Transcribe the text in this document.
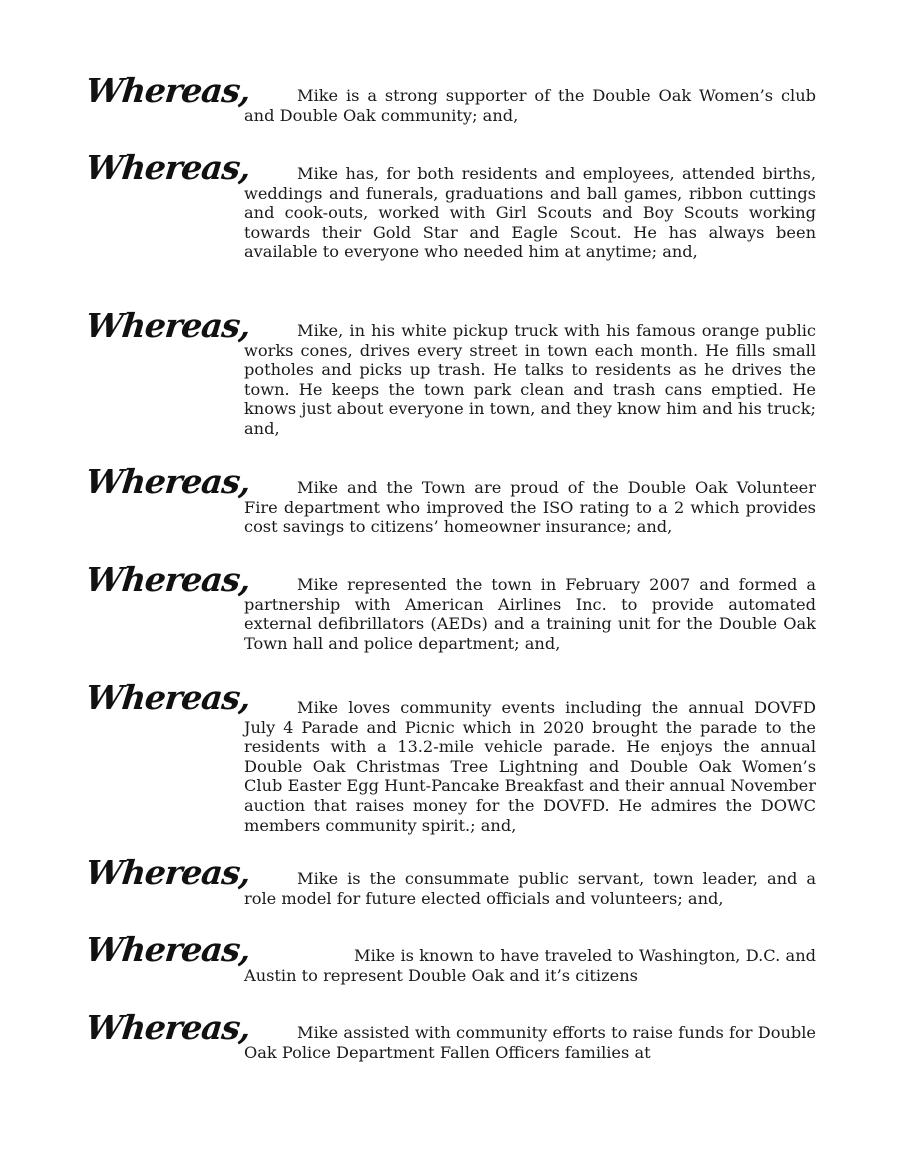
Whereas,	Mike is a strong supporter of the Double Oak Women’s club and Double Oak community; and,

Whereas,	Mike has, for both residents and employees, attended births, weddings and funerals, graduations and ball games, ribbon cuttings and cook-outs, worked with Girl Scouts and Boy Scouts working towards their Gold Star and Eagle Scout. He has always been available to everyone who needed him at anytime; and,

Whereas,	Mike, in his white pickup truck with his famous orange public works cones, drives every street in town each month. He fills small potholes and picks up trash. He talks to residents as he drives the town. He keeps the town park clean and trash cans emptied. He knows just about everyone in town, and they know him and his truck; and,

Whereas,	Mike and the Town are proud of the Double Oak Volunteer Fire department who improved the ISO rating to a 2 which provides cost savings to citizens’ homeowner insurance; and,

Whereas,	Mike represented the town in February 2007 and formed a partnership with American Airlines Inc. to provide automated external defibrillators (AEDs) and a training unit for the Double Oak Town hall and police department; and,

Whereas,	Mike loves community events including the annual DOVFD July 4 Parade and Picnic which in 2020 brought the parade to the residents with a 13.2-mile vehicle parade. He enjoys the annual Double Oak Christmas Tree Lightning and Double Oak Women’s Club Easter Egg Hunt-Pancake Breakfast and their annual November auction that raises money for the DOVFD. He admires the DOWC members community spirit.; and,

Whereas,	Mike is the consummate public servant, town leader, and a role model for future elected officials and volunteers; and,

Whereas,	Mike is known to have traveled to Washington, D.C. and Austin to represent Double Oak and it’s citizens

Whereas,	Mike assisted with community efforts to raise funds for Double Oak Police Department Fallen Officers families at
